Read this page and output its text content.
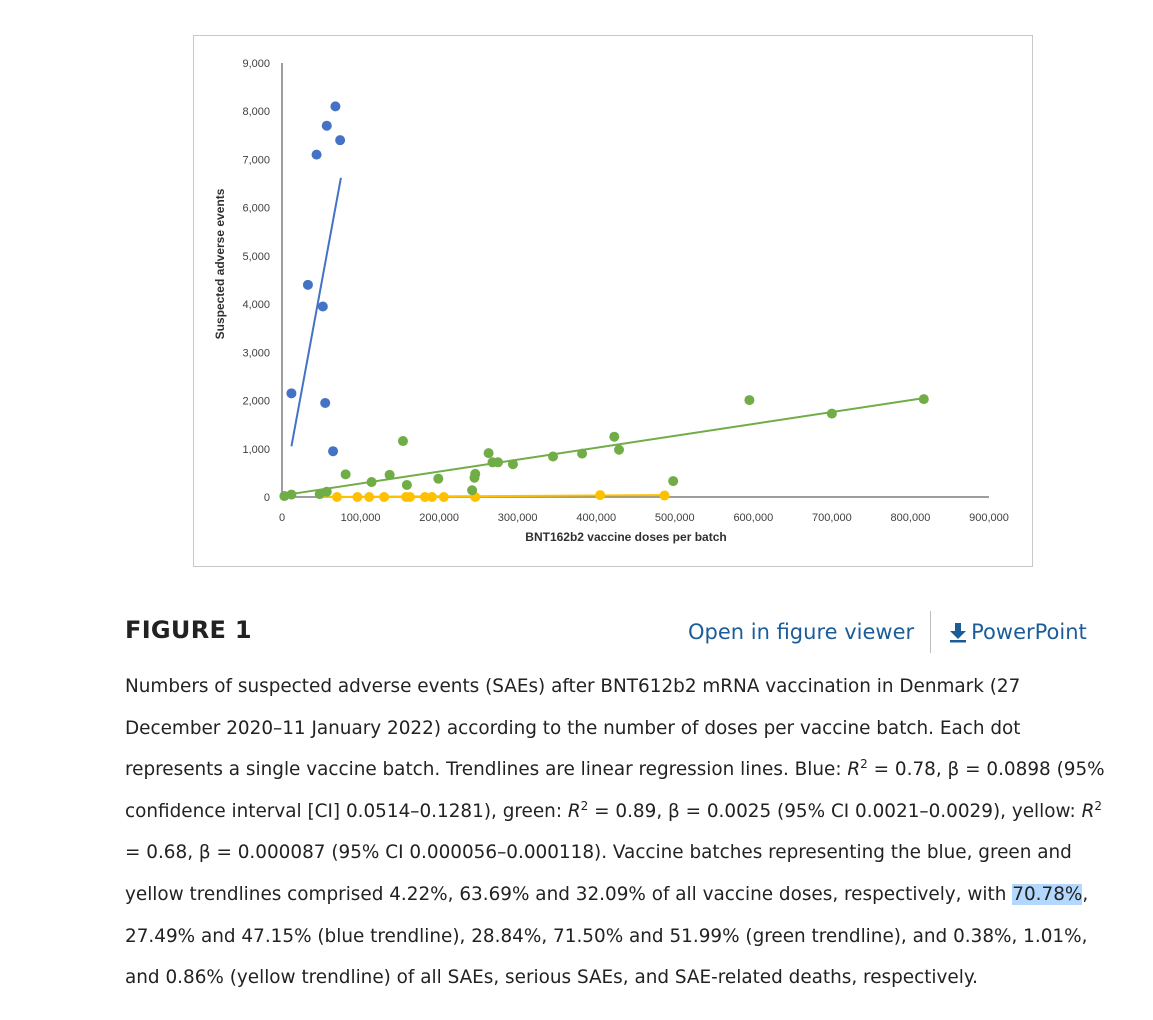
0
1,000
2,000
3,000
4,000
5,000
6,000
7,000
8,000
9,000
0	100,000	200,000	300,000	400,000	500,000	600,000	700,000	800,000	900,000
Suspected adverse events
BNT162b2 vaccine doses per batch
FIGURE 1	Open in figure viewer	PowerPoint

Numbers of suspected adverse events (SAEs) after BNT612b2 mRNA vaccination in Denmark (27 December 2020–11 January 2022) according to the number of doses per vaccine batch. Each dot represents a single vaccine batch. Trendlines are linear regression lines. Blue: $R^2 = 0.78$, β = 0.0898 (95% confidence interval [CI] 0.0514–0.1281), green: $R^2 = 0.89$, β = 0.0025 (95% CI 0.0021–0.0029), yellow: $R^2 = 0.68$, β = 0.000087 (95% CI 0.000056–0.000118). Vaccine batches representing the blue, green and yellow trendlines comprised 4.22%, 63.69% and 32.09% of all vaccine doses, respectively, with 70.78%, 27.49% and 47.15% (blue trendline), 28.84%, 71.50% and 51.99% (green trendline), and 0.38%, 1.01%, and 0.86% (yellow trendline) of all SAEs, serious SAEs, and SAE-related deaths, respectively.
